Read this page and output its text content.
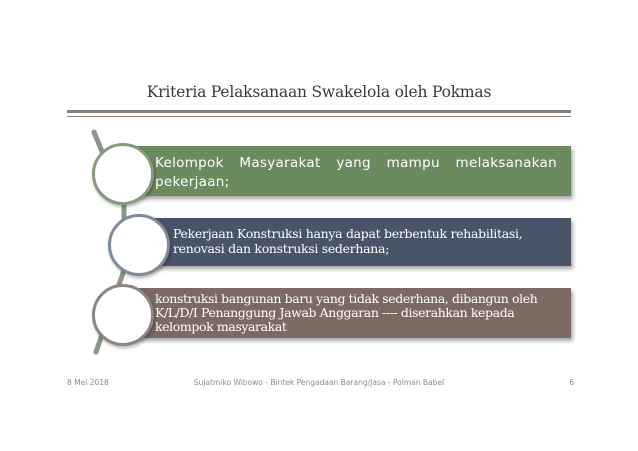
Kriteria Pelaksanaan Swakelola oleh Pokmas
Kelompok Masyarakat yang mampu melaksanakan pekerjaan;
Pekerjaan Konstruksi hanya dapat berbentuk rehabilitasi, renovasi dan konstruksi sederhana;
konstruksi bangunan baru yang tidak sederhana, dibangun oleh K/L/D/I Penanggung Jawab Anggaran ---- diserahkan kepada kelompok masyarakat
8 Mei 2018	Sujatmiko Wibowo - Bintek Pengadaan Barang/Jasa - Polman Babel	6
